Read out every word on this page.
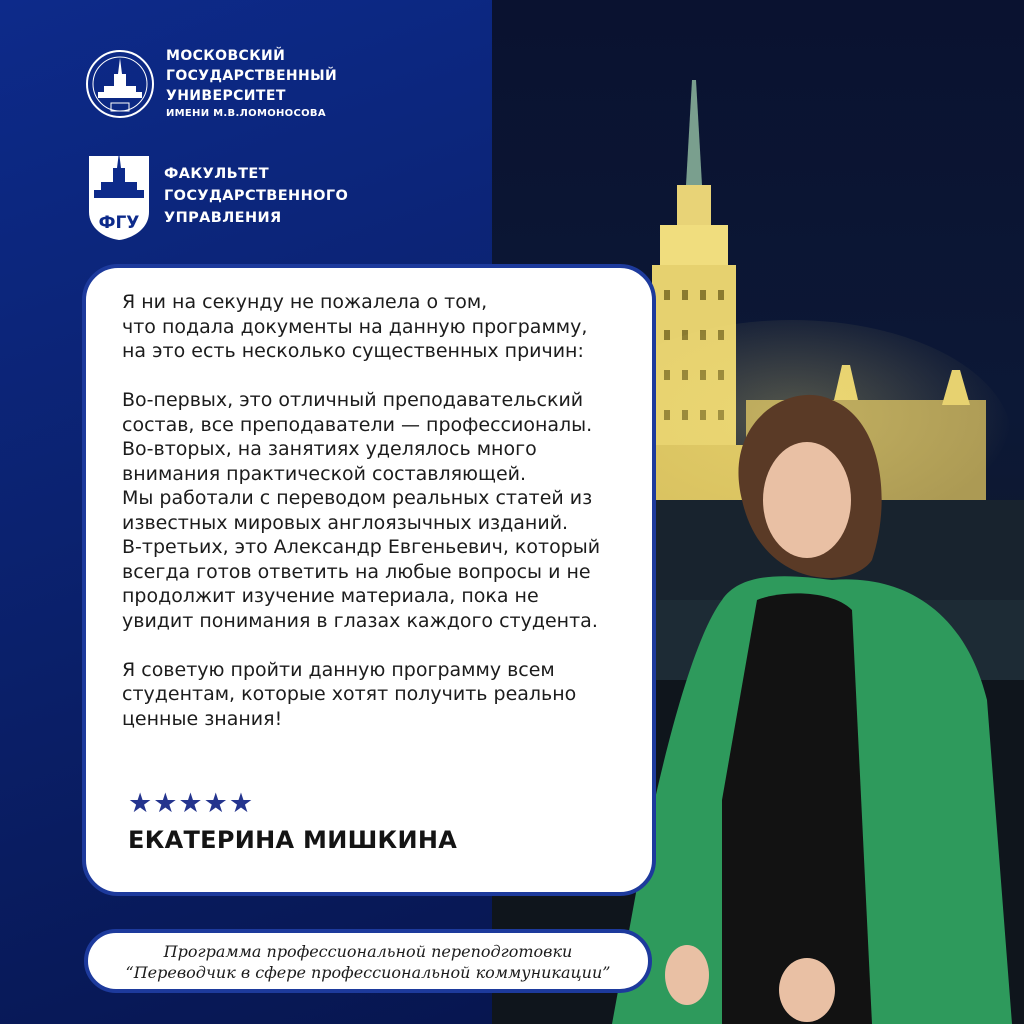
МОСКОВСКИЙ
ГОСУДАРСТВЕННЫЙ
УНИВЕРСИТЕТ
ИМЕНИ М.В.ЛОМОНОСОВА
ФГУ
ФАКУЛЬТЕТ
ГОСУДАРСТВЕННОГО
УПРАВЛЕНИЯ

Я ни на секунду не пожалела о том,

что подала документы на данную программу,

на это есть несколько существенных причин:

Во-первых, это отличный преподавательский

состав, все преподаватели — профессионалы.

Во-вторых, на занятиях уделялось много

внимания практической составляющей.

Мы работали с переводом реальных статей из

известных мировых англоязычных изданий.

В-третьих, это Александр Евгеньевич, который

всегда готов ответить на любые вопросы и не

продолжит изучение материала, пока не

увидит понимания в глазах каждого студента.

Я советую пройти данную программу всем

студентам, которые хотят получить реально

ценные знания!

★★★★★
ЕКАТЕРИНА МИШКИНА
Программа профессиональной переподготовки
“Переводчик в сфере профессиональной коммуникации”
